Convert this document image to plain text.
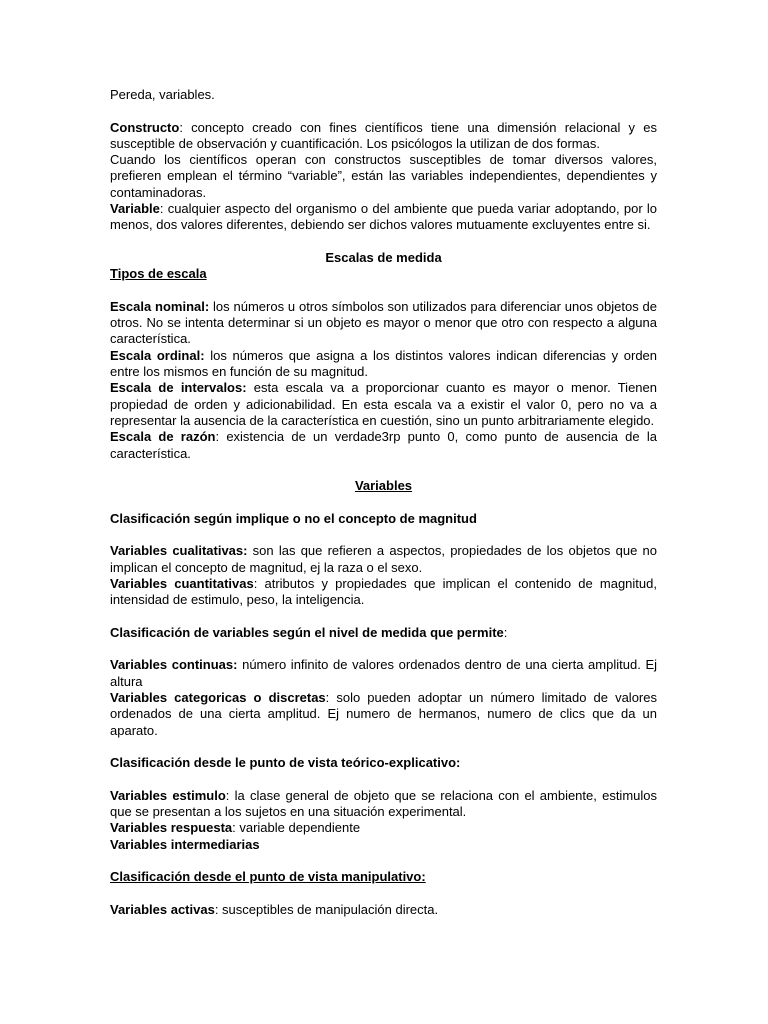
Pereda, variables.

Constructo: concepto creado con fines científicos tiene una dimensión relacional y es susceptible de observación y cuantificación. Los psicólogos la utilizan de dos formas.

Cuando los científicos operan con constructos susceptibles de tomar diversos valores, prefieren emplean el término “variable”, están las variables independientes, dependientes y contaminadoras.

Variable: cualquier aspecto del organismo o del ambiente que pueda variar adoptando, por lo menos, dos valores diferentes, debiendo ser dichos valores mutuamente excluyentes entre si.

Escalas de medida

Tipos de escala

Escala nominal: los números u otros símbolos son utilizados para diferenciar unos objetos de otros. No se intenta determinar si un objeto es mayor o menor que otro con respecto a alguna característica.

Escala ordinal: los números que asigna a los distintos valores indican diferencias y orden entre los mismos en función de su magnitud.

Escala de intervalos: esta escala va a proporcionar cuanto es mayor o menor. Tienen propiedad de orden y adicionabilidad. En esta escala va a existir el valor 0, pero no va a representar la ausencia de la característica en cuestión, sino un punto arbitrariamente elegido.

Escala de razón: existencia de un verdade3rp punto 0, como punto de ausencia de la característica.

Variables

Clasificación según implique o no el concepto de magnitud

Variables cualitativas: son las que refieren a aspectos, propiedades de los objetos que no implican el concepto de magnitud, ej la raza o el sexo.

Variables cuantitativas: atributos y propiedades que implican el contenido de magnitud, intensidad de estimulo, peso, la inteligencia.

Clasificación de variables según el nivel de medida que permite:

Variables continuas: número infinito de valores ordenados dentro de una cierta amplitud. Ej altura

Variables categoricas o discretas: solo pueden adoptar un número limitado de valores ordenados de una cierta amplitud. Ej numero de hermanos, numero de clics que da un aparato.

Clasificación desde le punto de vista teórico-explicativo:

Variables estimulo: la clase general de objeto que se relaciona con el ambiente, estimulos que se presentan a los sujetos en una situación experimental.

Variables respuesta: variable dependiente

Variables intermediarias

Clasificación desde el punto de vista manipulativo:

Variables activas: susceptibles de manipulación directa.
